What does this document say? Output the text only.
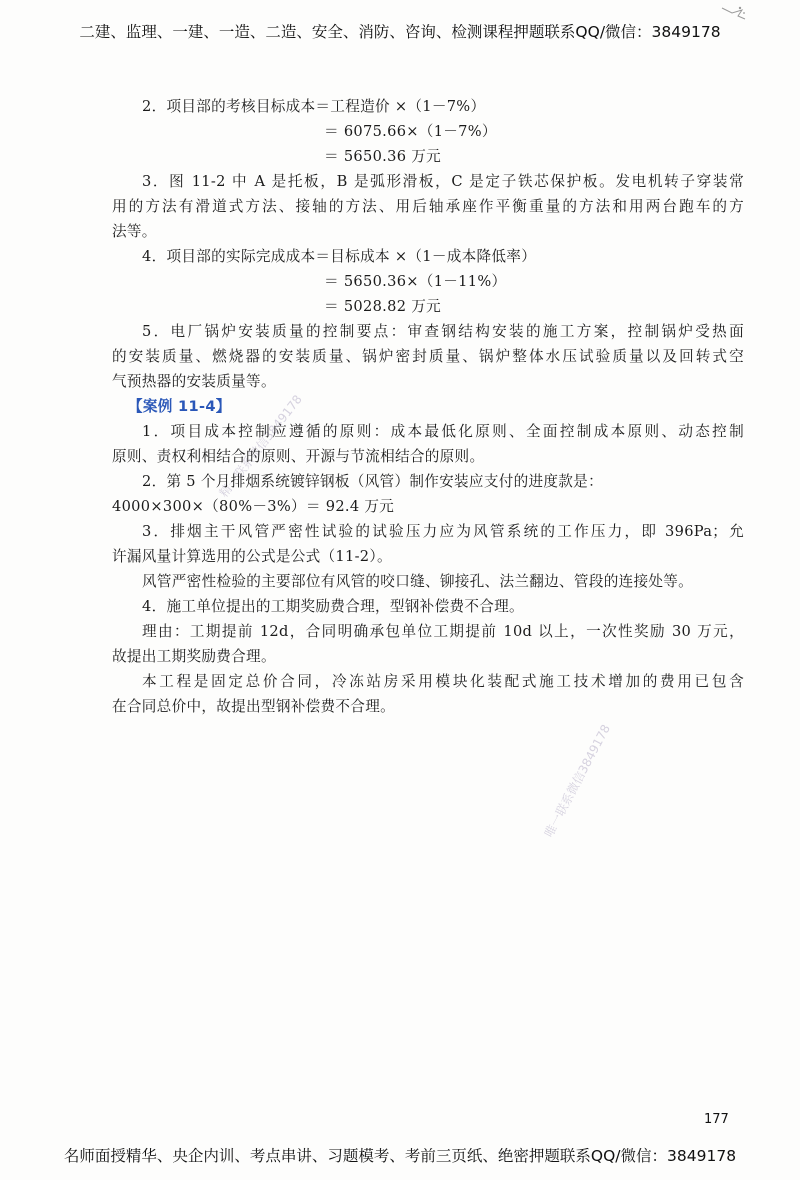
二建、监理、一建、一造、二造、安全、消防、咨询、检测课程押题联系QQ/微信：3849178
精一联系微信3849178
唯一联系微信3849178
2．项目部的考核目标成本＝工程造价 ×（1－7%）
＝ 6075.66×（1－7%）
＝ 5650.36 万元
3．图 11-2 中 A 是托板，B 是弧形滑板，C 是定子铁芯保护板。发电机转子穿装常
用的方法有滑道式方法、接轴的方法、用后轴承座作平衡重量的方法和用两台跑车的方
法等。
4．项目部的实际完成成本＝目标成本 ×（1－成本降低率）
＝ 5650.36×（1－11%）
＝ 5028.82 万元
5．电厂锅炉安装质量的控制要点：审查钢结构安装的施工方案，控制锅炉受热面
的安装质量、燃烧器的安装质量、锅炉密封质量、锅炉整体水压试验质量以及回转式空
气预热器的安装质量等。
【案例 11-4】
1．项目成本控制应遵循的原则：成本最低化原则、全面控制成本原则、动态控制
原则、责权利相结合的原则、开源与节流相结合的原则。
2．第 5 个月排烟系统镀锌钢板（风管）制作安装应支付的进度款是：
4000×300×（80%－3%）＝ 92.4 万元
3．排烟主干风管严密性试验的试验压力应为风管系统的工作压力，即 396Pa；允
许漏风量计算选用的公式是公式（11-2）。
风管严密性检验的主要部位有风管的咬口缝、铆接孔、法兰翻边、管段的连接处等。
4．施工单位提出的工期奖励费合理，型钢补偿费不合理。
理由：工期提前 12d，合同明确承包单位工期提前 10d 以上，一次性奖励 30 万元，
故提出工期奖励费合理。
本工程是固定总价合同，冷冻站房采用模块化装配式施工技术增加的费用已包含
在合同总价中，故提出型钢补偿费不合理。
177
名师面授精华、央企内训、考点串讲、习题模考、考前三页纸、绝密押题联系QQ/微信：3849178
